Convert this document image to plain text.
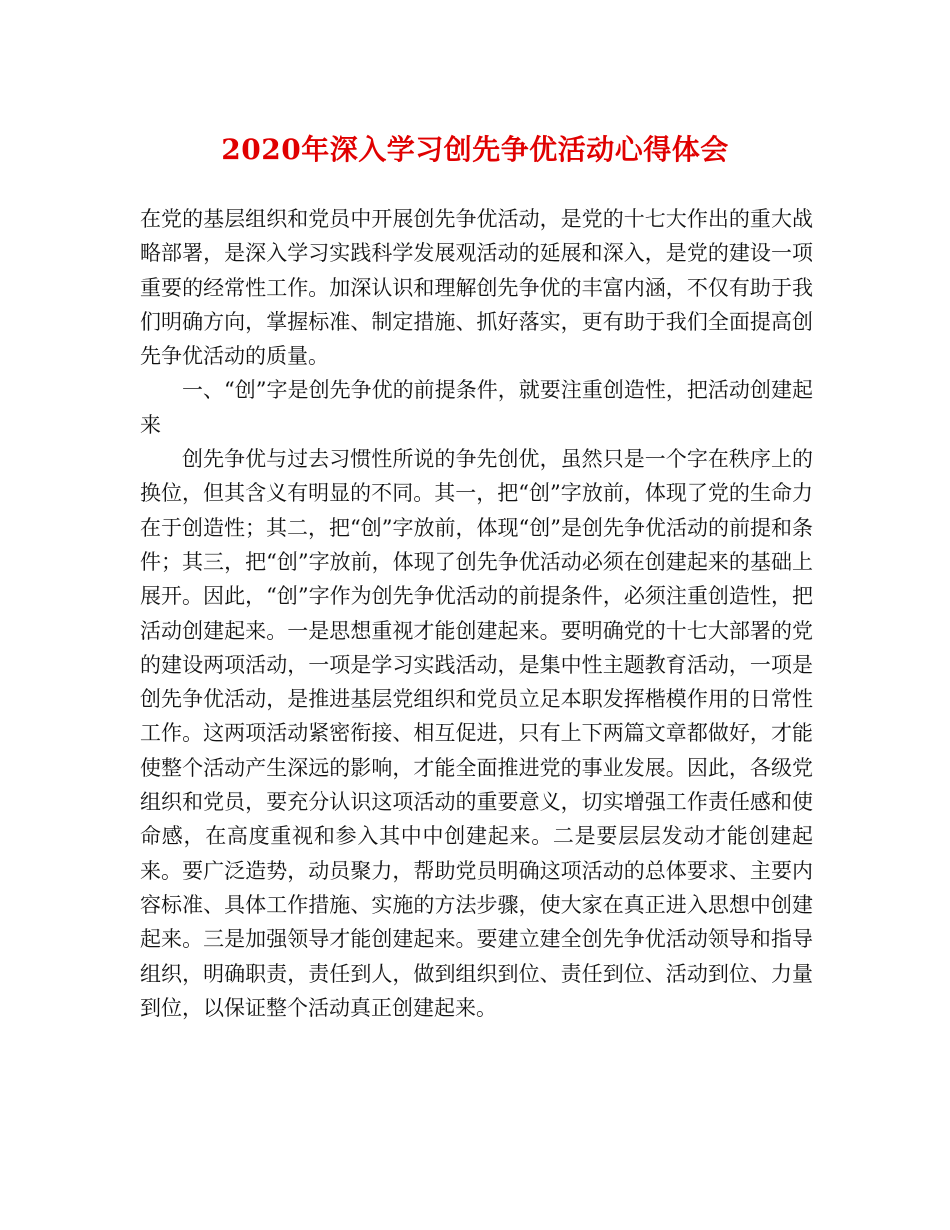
2020年深入学习创先争优活动心得体会

在党的基层组织和党员中开展创先争优活动，是党的十七大作出的重大战略部署，是深入学习实践科学发展观活动的延展和深入，是党的建设一项重要的经常性工作。加深认识和理解创先争优的丰富内涵，不仅有助于我们明确方向，掌握标准、制定措施、抓好落实，更有助于我们全面提高创先争优活动的质量。

一、“创”字是创先争优的前提条件，就要注重创造性，把活动创建起来

创先争优与过去习惯性所说的争先创优，虽然只是一个字在秩序上的换位，但其含义有明显的不同。其一，把“创”字放前，体现了党的生命力在于创造性；其二，把“创”字放前，体现“创”是创先争优活动的前提和条件；其三，把“创”字放前，体现了创先争优活动必须在创建起来的基础上展开。因此，“创”字作为创先争优活动的前提条件，必须注重创造性，把活动创建起来。一是思想重视才能创建起来。要明确党的十七大部署的党的建设两项活动，一项是学习实践活动，是集中性主题教育活动，一项是创先争优活动，是推进基层党组织和党员立足本职发挥楷模作用的日常性工作。这两项活动紧密衔接、相互促进，只有上下两篇文章都做好，才能使整个活动产生深远的影响，才能全面推进党的事业发展。因此，各级党组织和党员，要充分认识这项活动的重要意义，切实增强工作责任感和使命感，在高度重视和参入其中中创建起来。二是要层层发动才能创建起来。要广泛造势，动员聚力，帮助党员明确这项活动的总体要求、主要内容标准、具体工作措施、实施的方法步骤，使大家在真正进入思想中创建起来。三是加强领导才能创建起来。要建立建全创先争优活动领导和指导组织，明确职责，责任到人，做到组织到位、责任到位、活动到位、力量到位，以保证整个活动真正创建起来。
